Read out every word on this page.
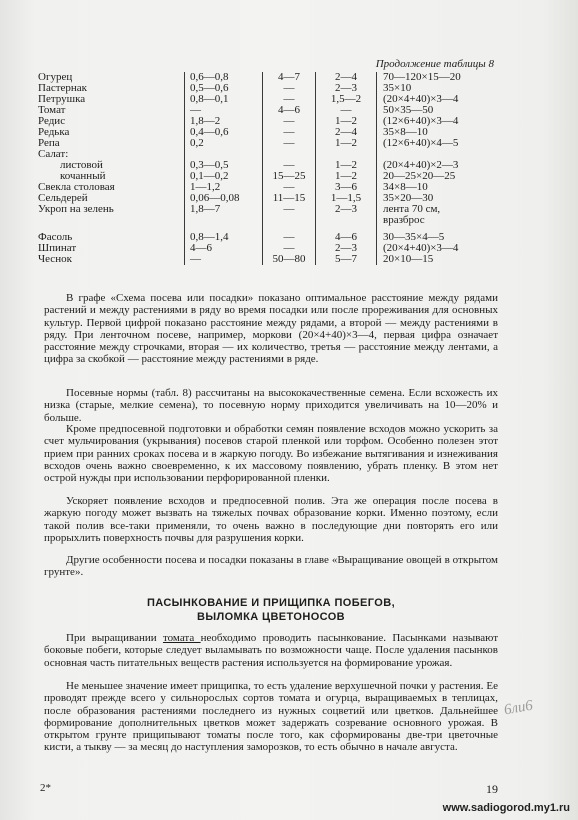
Продолжение таблицы 8
Огурец	0,6—0,8	4—7	2—4	70—120×15—20
Пастернак	0,5—0,6	—	2—3	35×10
Петрушка	0,8—0,1	—	1,5—2	(20×4+40)×3—4
Томат	—	4—6	—	50×35—50
Редис	1,8—2	—	1—2	(12×6+40)×3—4
Редька	0,4—0,6	—	2—4	35×8—10
Репа	0,2	—	1—2	(12×6+40)×4—5
Салат:				
листовой	0,3—0,5	—	1—2	(20×4+40)×2—3
кочанный	0,1—0,2	15—25	1—2	20—25×20—25
Свекла столовая	1—1,2	—	3—6	34×8—10
Сельдерей	0,06—0,08	11—15	1—1,5	35×20—30
Укроп на зелень	1,8—7	—	2—3	лента 70 см,
				вразброс

Фасоль	0,8—1,4	—	4—6	30—35×4—5
Шпинат	4—6	—	2—3	(20×4+40)×3—4
Чеснок	—	50—80	5—7	20×10—15

В графе «Схема посева или посадки» показано оптимальное расстояние между рядами растений и между растениями в ряду во время посадки или после прореживания для основных культур. Первой цифрой показано расстояние между рядами, а второй — между растениями в ряду. При ленточном посеве, например, моркови (20×4+40)×3—4, первая цифра означает расстояние между строчками, вторая — их количество, третья — расстояние между лентами, а цифра за скобкой — расстояние между растениями в ряде.

Посевные нормы (табл. 8) рассчитаны на высококачественные семена. Если всхожесть их низка (старые, мелкие семена), то посевную норму приходится увеличивать на 10—20% и больше.

Кроме предпосевной подготовки и обработки семян появление всходов можно ускорить за счет мульчирования (укрывания) посевов старой пленкой или торфом. Особенно полезен этот прием при ранних сроках посева и в жаркую погоду. Во избежание вытягивания и изнеживания всходов очень важно своевременно, к их массовому появлению, убрать пленку. В этом нет острой нужды при использовании перфорированной пленки.

Ускоряет появление всходов и предпосевной полив. Эта же операция после посева в жаркую погоду может вызвать на тяжелых почвах образование корки. Именно поэтому, если такой полив все-таки применяли, то очень важно в последующие дни повторять его или прорыхлить поверхность почвы для разрушения корки.

Другие особенности посева и посадки показаны в главе «Выращивание овощей в открытом грунте».

ПАСЫНКОВАНИЕ И ПРИЩИПКА ПОБЕГОВ,
ВЫЛОМКА ЦВЕТОНОСОВ

При выращивании томата необходимо проводить пасынкование. Пасынками называют боковые побеги, которые следует выламывать по возможности чаще. После удаления пасынков основная часть питательных веществ растения используется на формирование урожая.

Не меньшее значение имеет прищипка, то есть удаление верхушечной почки у растения. Ее проводят прежде всего у сильнорослых сортов томата и огурца, выращиваемых в теплицах, после образования растениями последнего из нужных соцветий или цветков. Дальнейшее формирование дополнительных цветков может задержать созревание основного урожая. В открытом грунте прищипывают томаты после того, как сформированы две-три цветочные кисти, а тыкву — за месяц до наступления заморозков, то есть обычно в начале августа.

6ли6
2*	19
www.sadiogorod.my1.ru
